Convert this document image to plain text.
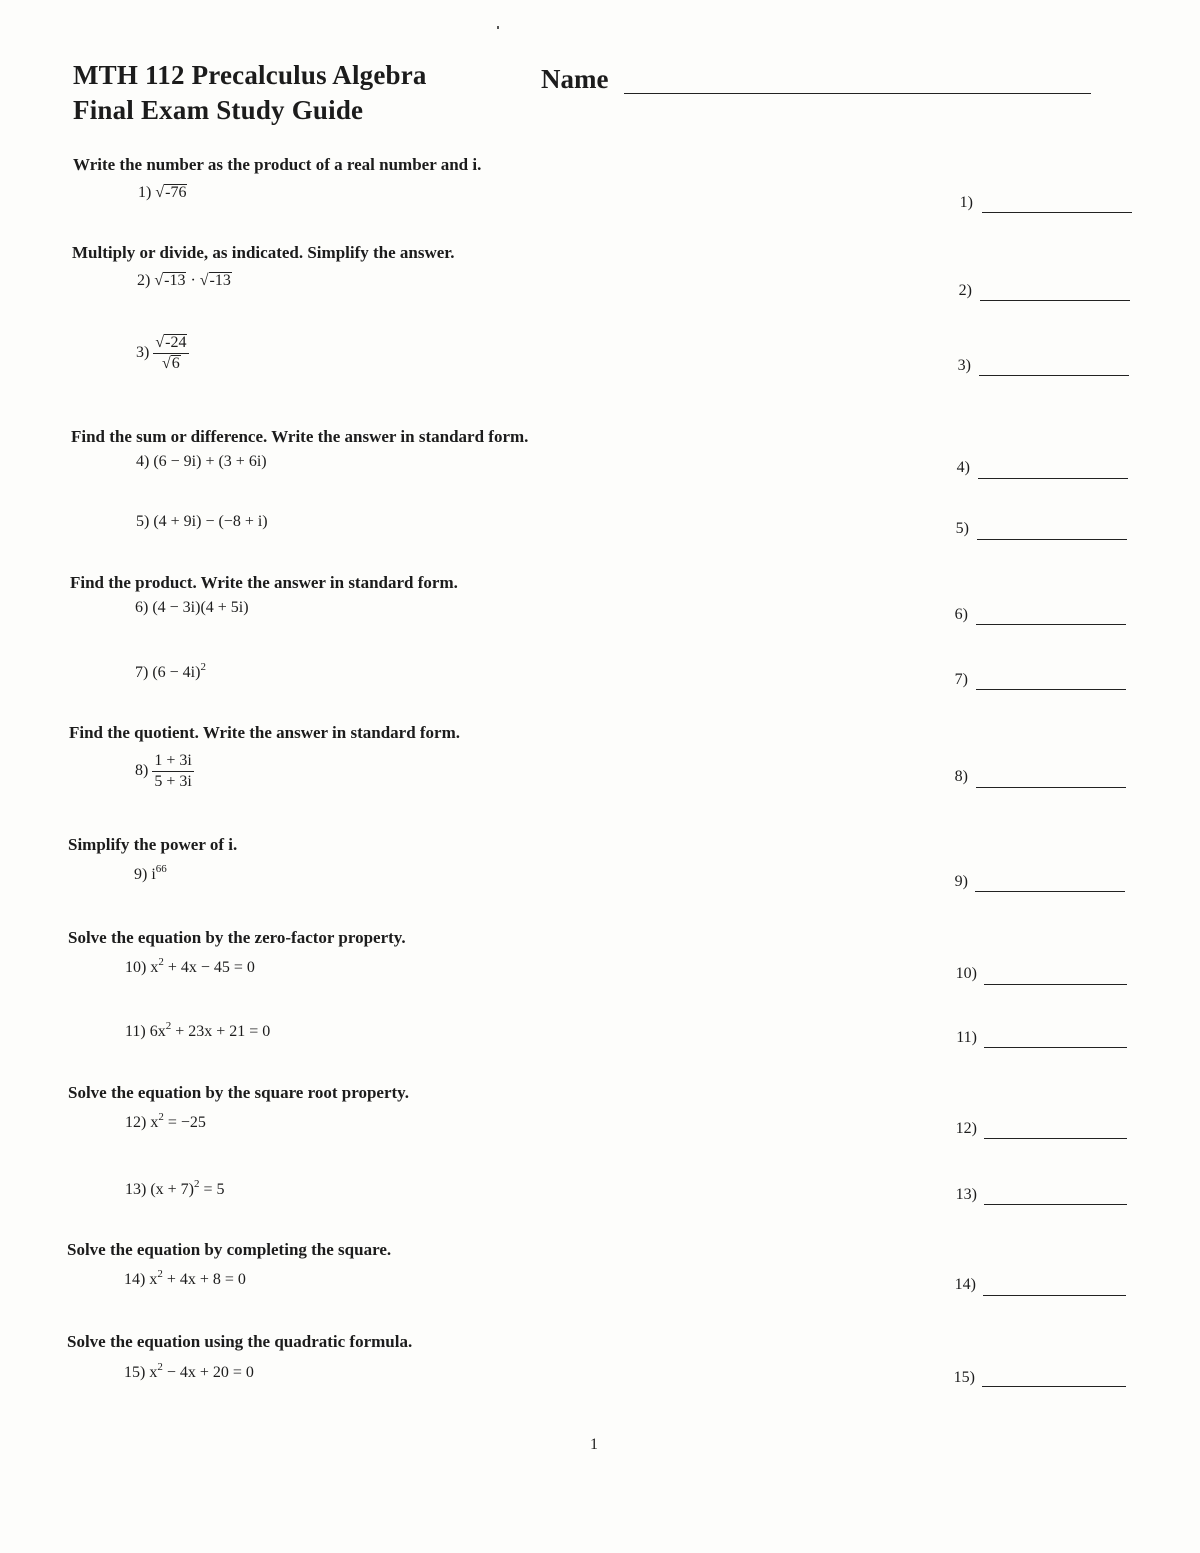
MTH 112 Precalculus Algebra
Final Exam Study Guide
Name
Write the number as the product of a real number and i.
Multiply or divide, as indicated. Simplify the answer.
Find the sum or difference. Write the answer in standard form.
Find the product. Write the answer in standard form.
Find the quotient. Write the answer in standard form.
Simplify the power of i.
Solve the equation by the zero-factor property.
Solve the equation by the square root property.
Solve the equation by completing the square.
Solve the equation using the quadratic formula.
1) √-76
2) √-13 · √-13
$3) \frac{√-24}{√6}$
4) (6 − 9i) + (3 + 6i)
5) (4 + 9i) − (−8 + i)
6) (4 − 3i)(4 + 5i)
7) $(6 - 4i)^2$
$8) \frac{1 + 3i}{5 + 3i}$
9) $i^{66}$
10) $x^2 + 4x - 45 = 0$
11) $6x^2 + 23x + 21 = 0$
12) $x^2 = -25$
13) $(x + 7)^2 = 5$
14) $x^2 + 4x + 8 = 0$
15) $x^2 - 4x + 20 = 0$
1)
2)
3)
4)
5)
6)
7)
8)
9)
10)
11)
12)
13)
14)
15)
1
